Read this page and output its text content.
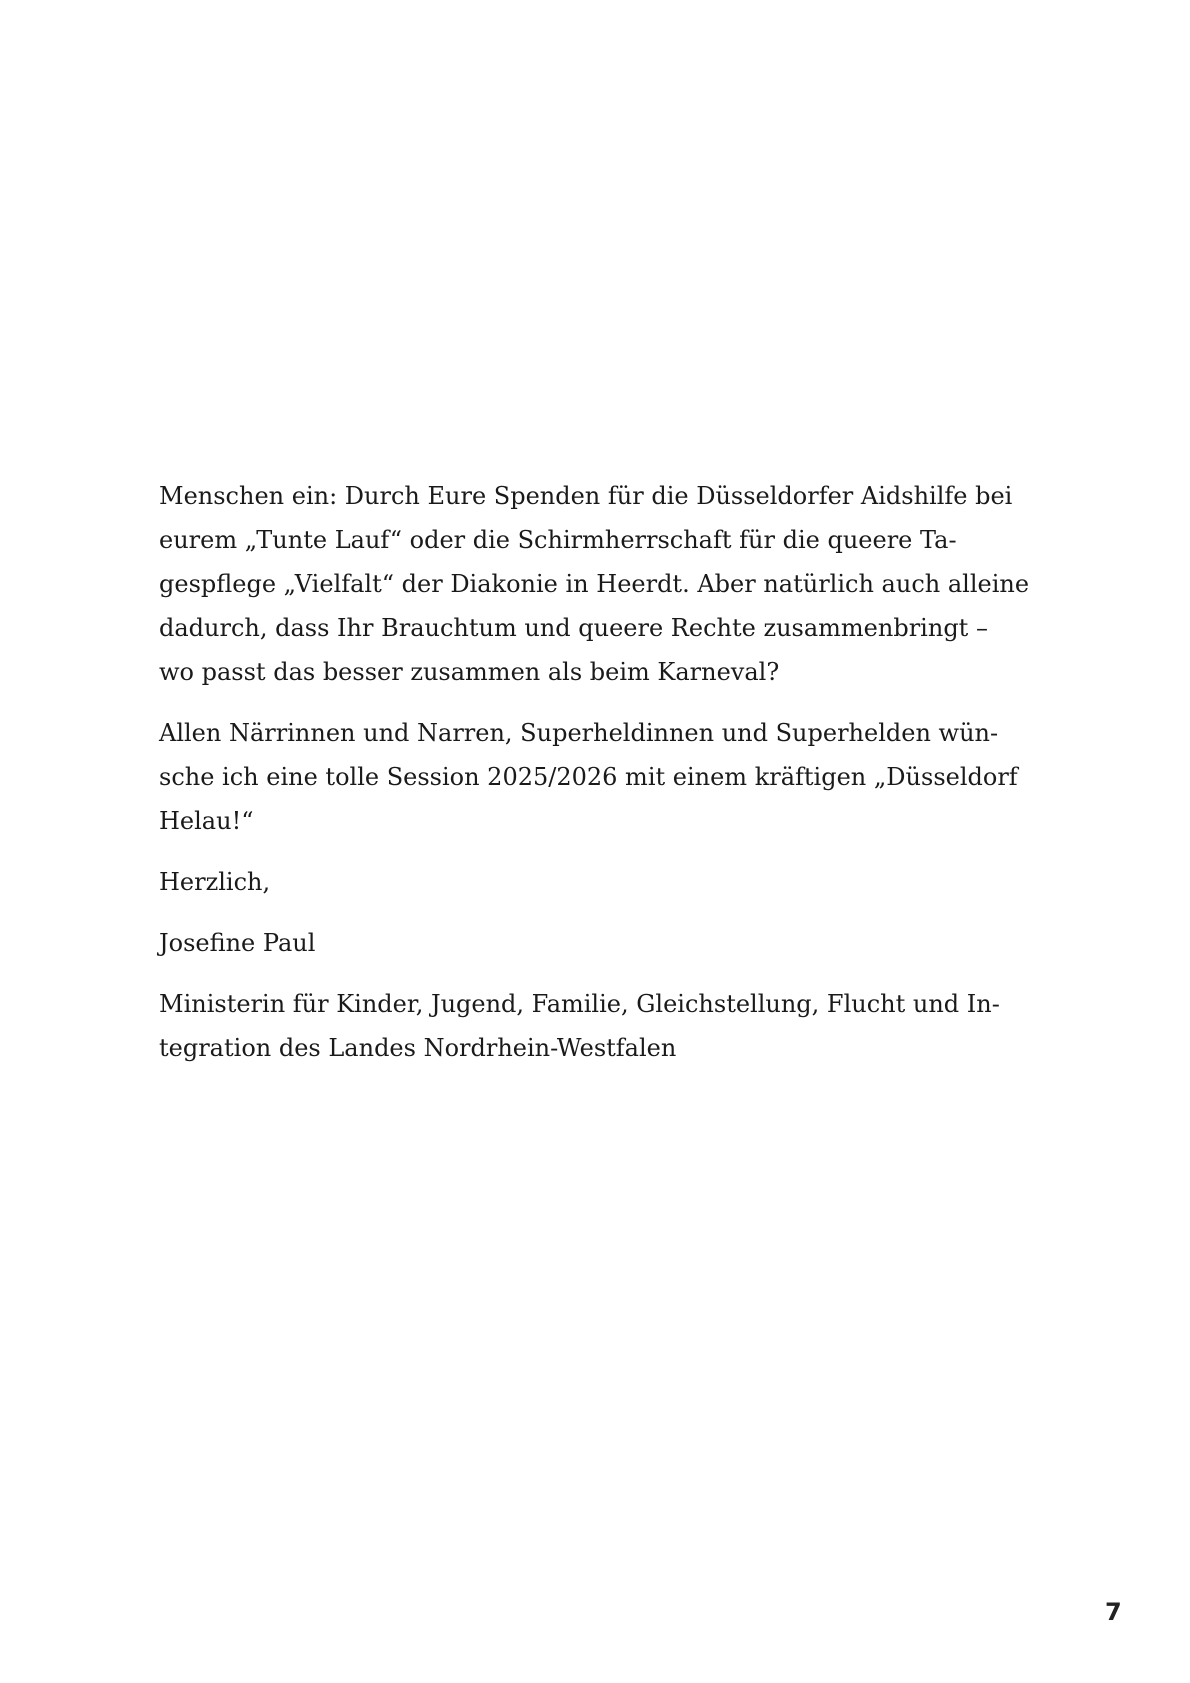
Menschen ein: Durch Eure Spenden für die Düsseldorfer Aidshilfe bei
eurem „Tunte Lauf“ oder die Schirmherrschaft für die queere Ta-
gespflege „Vielfalt“ der Diakonie in Heerdt. Aber natürlich auch alleine
dadurch, dass Ihr Brauchtum und queere Rechte zusammenbringt –
wo passt das besser zusammen als beim Karneval?

Allen Närrinnen und Narren, Superheldinnen und Superhelden wün-
sche ich eine tolle Session 2025/2026 mit einem kräftigen „Düsseldorf
Helau!“

Herzlich,

Josefine Paul

Ministerin für Kinder, Jugend, Familie, Gleichstellung, Flucht und In-
tegration des Landes Nordrhein-Westfalen

7
